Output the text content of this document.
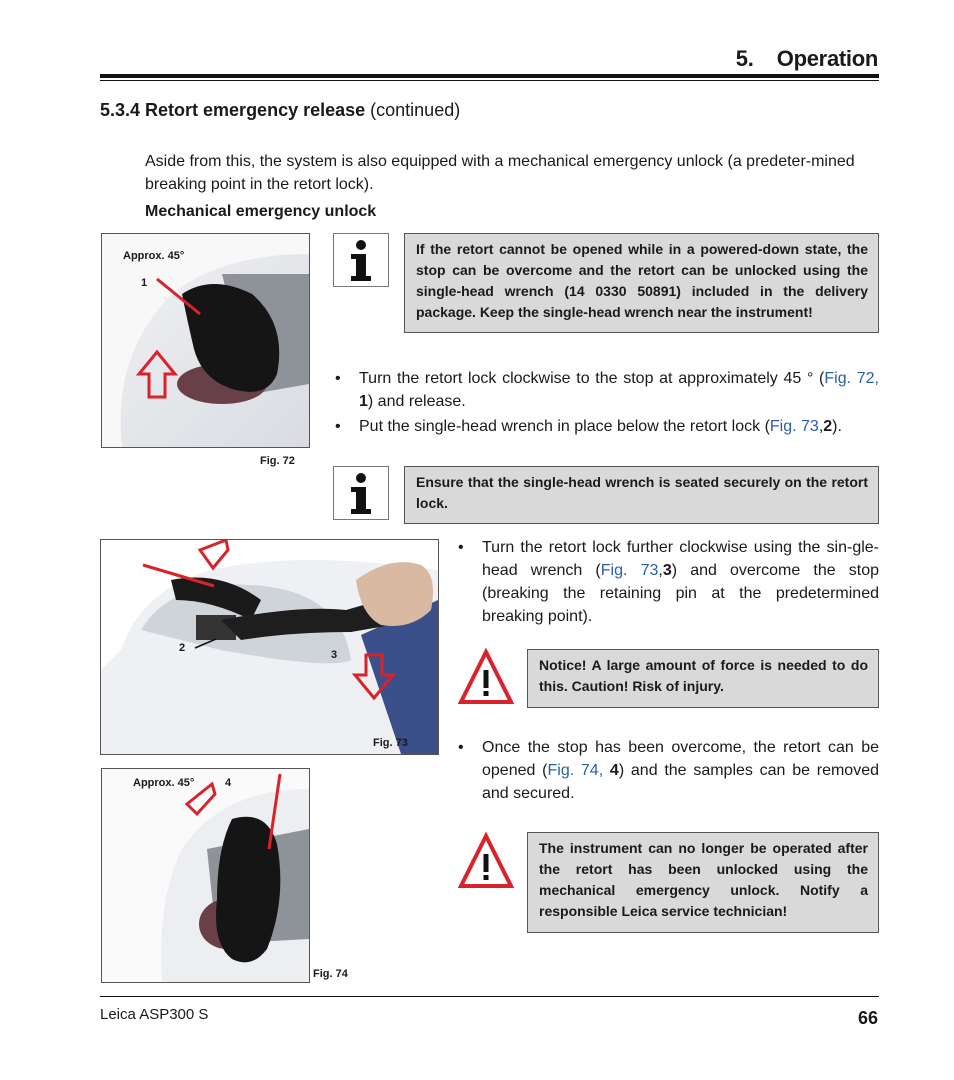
5.    Operation
5.3.4 Retort emergency release (continued)
Aside from this, the system is also equipped with a mechanical emergency unlock (a predeter-mined breaking point in the retort lock).
Mechanical emergency unlock
Approx. 45°
1
Fig. 72
If the retort cannot be opened while in a powered-down state, the stop can be overcome and the retort can be unlocked using the single-head wrench (14 0330 50891) included in the delivery package. Keep the single-head wrench near the instrument!
• Turn the retort lock clockwise to the stop at approximately 45 ° (Fig. 72, 1) and release.
• Put the single-head wrench in place below the retort lock (Fig. 73,2).
Ensure that the single-head wrench is seated securely on the retort lock.
2
3
Fig. 73
• Turn the retort lock further clockwise using the sin-gle-head wrench (Fig. 73,3) and overcome the stop (breaking the retaining pin at the predetermined breaking point).
Notice! A large amount of force is needed to do this. Caution! Risk of injury.
• Once the stop has been overcome, the retort can be opened (Fig. 74, 4) and the samples can be removed and secured.
Approx. 45°	4
Fig. 74
The instrument can no longer be operated after the retort has been unlocked using the mechanical emergency unlock. Notify a responsible Leica service technician!
Leica ASP300 S	66
